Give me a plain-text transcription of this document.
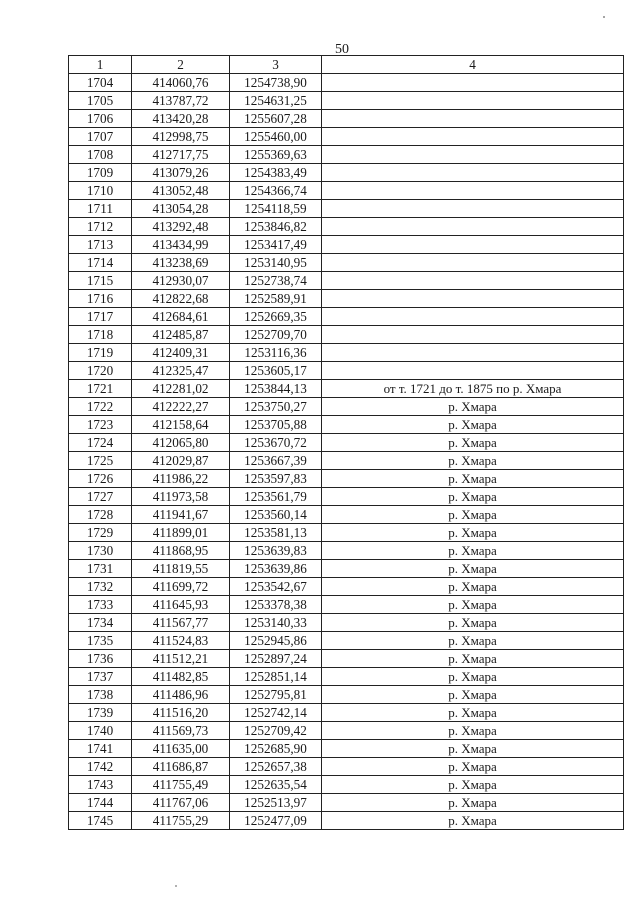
50
1	2	3	4
1704	414060,76	1254738,90	
1705	413787,72	1254631,25	
1706	413420,28	1255607,28	
1707	412998,75	1255460,00	
1708	412717,75	1255369,63	
1709	413079,26	1254383,49	
1710	413052,48	1254366,74	
1711	413054,28	1254118,59	
1712	413292,48	1253846,82	
1713	413434,99	1253417,49	
1714	413238,69	1253140,95	
1715	412930,07	1252738,74	
1716	412822,68	1252589,91	
1717	412684,61	1252669,35	
1718	412485,87	1252709,70	
1719	412409,31	1253116,36	
1720	412325,47	1253605,17	
1721	412281,02	1253844,13	от т. 1721 до т. 1875 по р. Хмара
1722	412222,27	1253750,27	р. Хмара
1723	412158,64	1253705,88	р. Хмара
1724	412065,80	1253670,72	р. Хмара
1725	412029,87	1253667,39	р. Хмара
1726	411986,22	1253597,83	р. Хмара
1727	411973,58	1253561,79	р. Хмара
1728	411941,67	1253560,14	р. Хмара
1729	411899,01	1253581,13	р. Хмара
1730	411868,95	1253639,83	р. Хмара
1731	411819,55	1253639,86	р. Хмара
1732	411699,72	1253542,67	р. Хмара
1733	411645,93	1253378,38	р. Хмара
1734	411567,77	1253140,33	р. Хмара
1735	411524,83	1252945,86	р. Хмара
1736	411512,21	1252897,24	р. Хмара
1737	411482,85	1252851,14	р. Хмара
1738	411486,96	1252795,81	р. Хмара
1739	411516,20	1252742,14	р. Хмара
1740	411569,73	1252709,42	р. Хмара
1741	411635,00	1252685,90	р. Хмара
1742	411686,87	1252657,38	р. Хмара
1743	411755,49	1252635,54	р. Хмара
1744	411767,06	1252513,97	р. Хмара
1745	411755,29	1252477,09	р. Хмара
